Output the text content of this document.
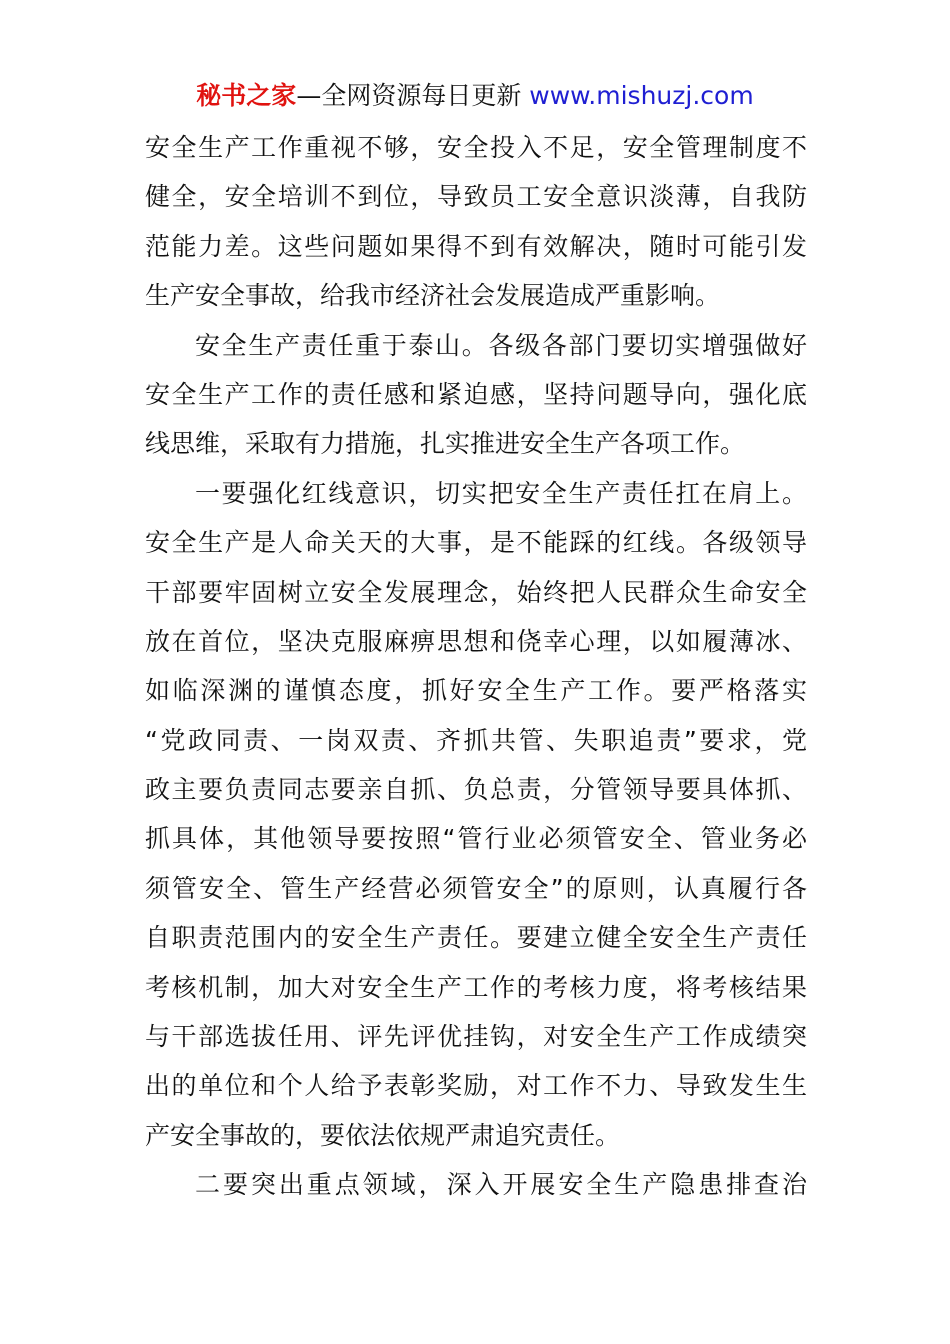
秘书之家—全网资源每日更新 www.mishuzj.com
安全生产工作重视不够，安全投入不足，安全管理制度不
健全，安全培训不到位，导致员工安全意识淡薄，自我防
范能力差。这些问题如果得不到有效解决，随时可能引发
生产安全事故，给我市经济社会发展造成严重影响。
安全生产责任重于泰山。各级各部门要切实增强做好
安全生产工作的责任感和紧迫感，坚持问题导向，强化底
线思维，采取有力措施，扎实推进安全生产各项工作。
一要强化红线意识，切实把安全生产责任扛在肩上。
安全生产是人命关天的大事，是不能踩的红线。各级领导
干部要牢固树立安全发展理念，始终把人民群众生命安全
放在首位，坚决克服麻痹思想和侥幸心理，以如履薄冰、
如临深渊的谨慎态度，抓好安全生产工作。要严格落实
“党政同责、一岗双责、齐抓共管、失职追责”要求，党
政主要负责同志要亲自抓、负总责，分管领导要具体抓、
抓具体，其他领导要按照“管行业必须管安全、管业务必
须管安全、管生产经营必须管安全”的原则，认真履行各
自职责范围内的安全生产责任。要建立健全安全生产责任
考核机制，加大对安全生产工作的考核力度，将考核结果
与干部选拔任用、评先评优挂钩，对安全生产工作成绩突
出的单位和个人给予表彰奖励，对工作不力、导致发生生
产安全事故的，要依法依规严肃追究责任。
二要突出重点领域，深入开展安全生产隐患排查治
